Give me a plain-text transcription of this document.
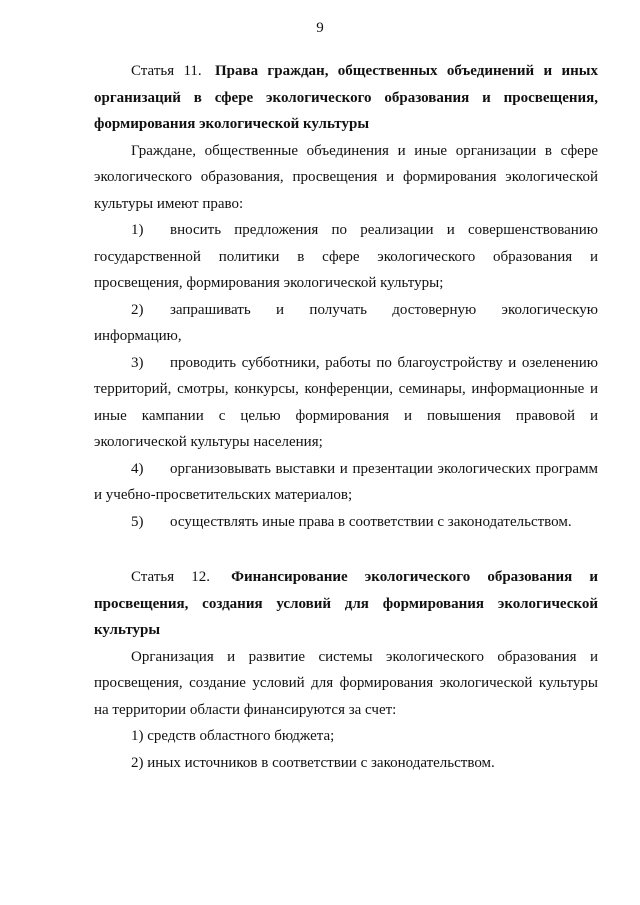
9

Статья 11. Права граждан, общественных объединений и иных организаций в сфере экологического образования и просвещения, формирования экологической культуры

Граждане, общественные объединения и иные организации в сфере экологического образования, просвещения и формирования экологической культуры имеют право:

1) вносить предложения по реализации и совершенствованию государственной политики в сфере экологического образования и просвещения, формирования экологической культуры;

2) запрашивать и получать достоверную экологическую информацию,

3) проводить субботники, работы по благоустройству и озеленению территорий, смотры, конкурсы, конференции, семинары, информационные и иные кампании с целью формирования и повышения правовой и экологической культуры населения;

4) организовывать выставки и презентации экологических программ и учебно-просветительских материалов;

5) осуществлять иные права в соответствии с законодательством.

Статья 12. Финансирование экологического образования и просвещения, создания условий для формирования экологической культуры

Организация и развитие системы экологического образования и просвещения, создание условий для формирования экологической культуры на территории области финансируются за счет:

1) средств областного бюджета;

2) иных источников в соответствии с законодательством.
